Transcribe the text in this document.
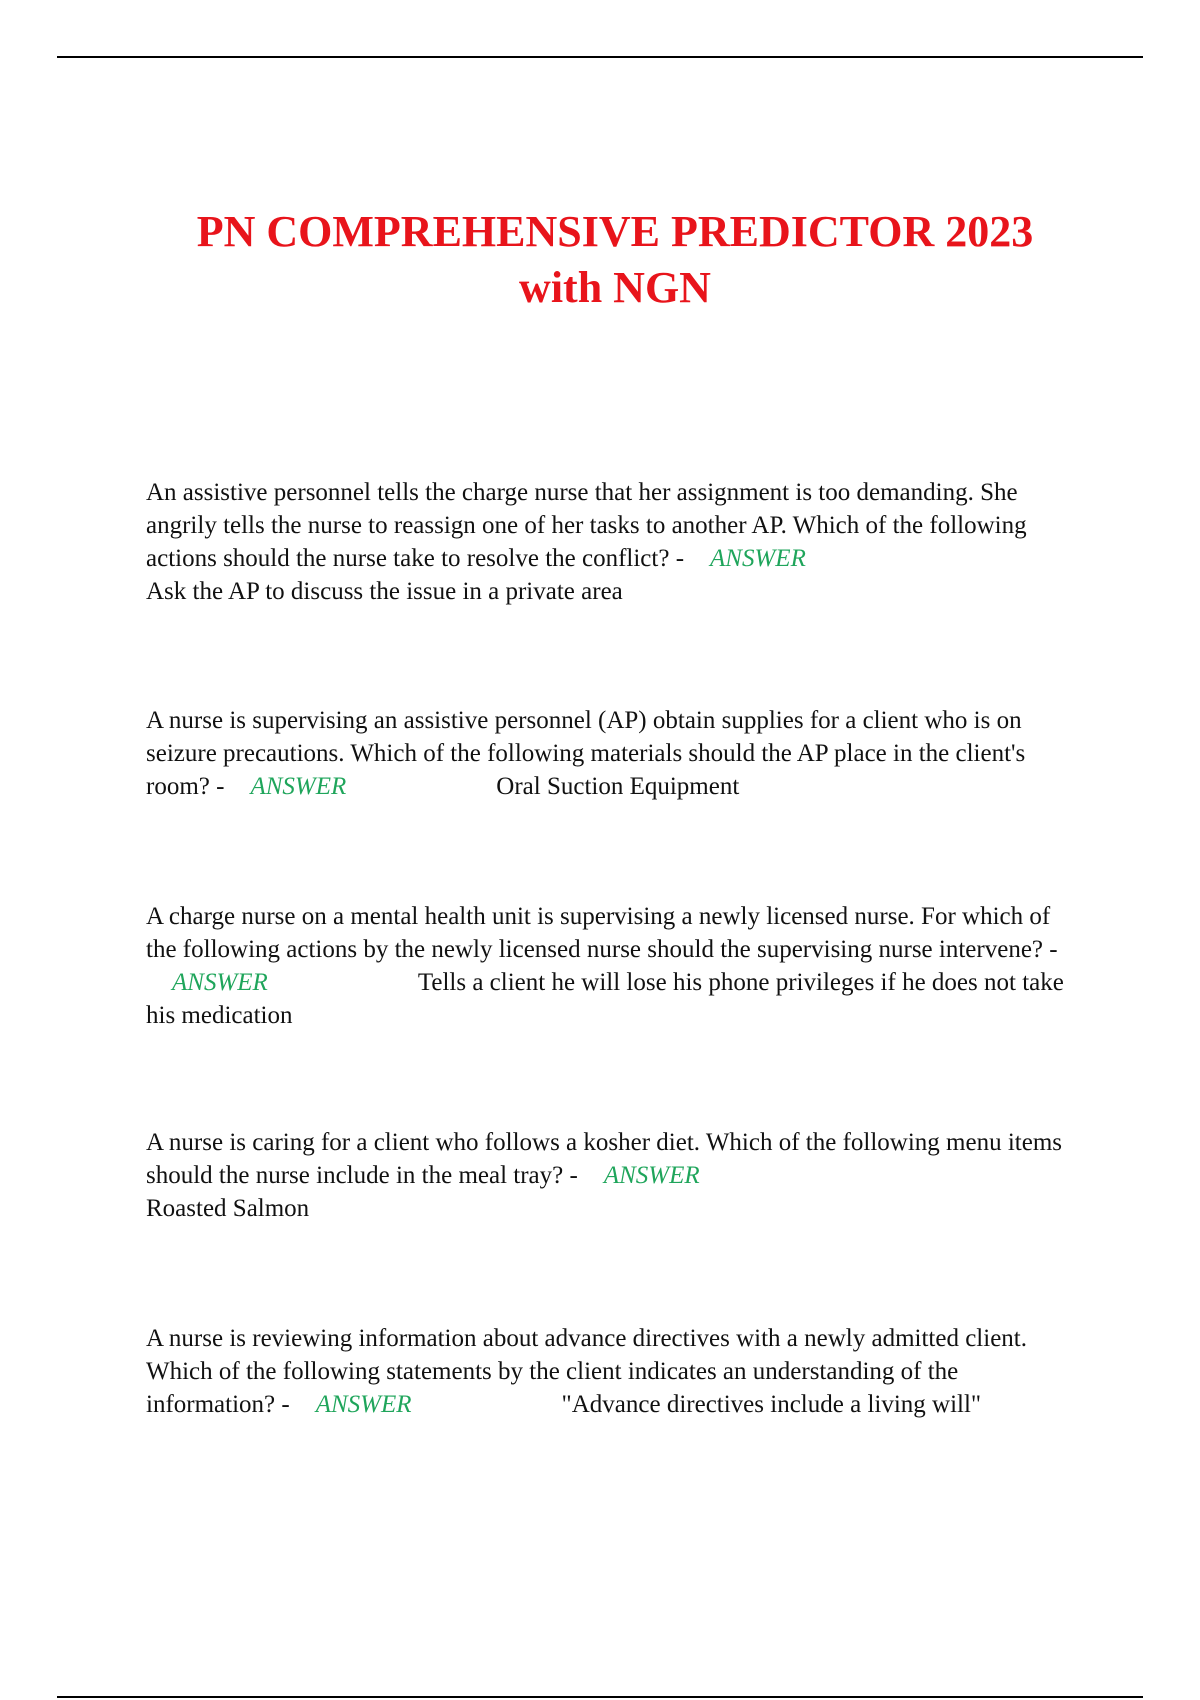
PN COMPREHENSIVE PREDICTOR 2023
with NGN

An assistive personnel tells the charge nurse that her assignment is too demanding. She angrily tells the nurse to reassign one of her tasks to another AP. Which of the following actions should the nurse take to resolve the conflict? - ANSWER
Ask the AP to discuss the issue in a private area

A nurse is supervising an assistive personnel (AP) obtain supplies for a client who is on seizure precautions. Which of the following materials should the AP place in the client's room? - ANSWER	Oral Suction Equipment

A charge nurse on a mental health unit is supervising a newly licensed nurse. For which of the following actions by the newly licensed nurse should the supervising nurse intervene? -ANSWER	Tells a client he will lose his phone privileges if he does not take his medication

A nurse is caring for a client who follows a kosher diet. Which of the following menu items should the nurse include in the meal tray? - ANSWER
Roasted Salmon

A nurse is reviewing information about advance directives with a newly admitted client. Which of the following statements by the client indicates an understanding of the information? - ANSWER	"Advance directives include a living will"
